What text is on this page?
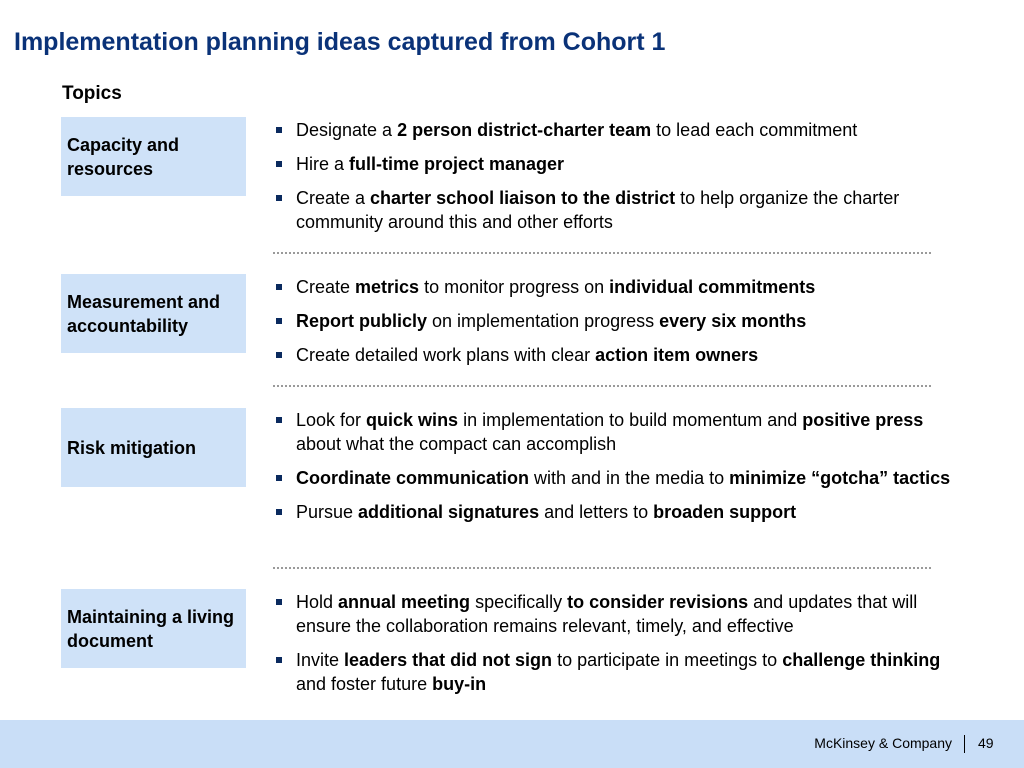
Implementation planning ideas captured from Cohort 1
Topics
Capacity and resources
Designate a 2 person district-charter team to lead each commitment
Hire a full-time project manager
Create a charter school liaison to the district to help organize the charter community around this and other efforts
Measurement and accountability
Create metrics to monitor progress on individual commitments
Report publicly on implementation progress every six months
Create detailed work plans with clear action item owners
Risk mitigation
Look for quick wins in implementation to build momentum and positive press about what the compact can accomplish
Coordinate communication with and in the media to minimize “gotcha” tactics
Pursue additional signatures and letters to broaden support
Maintaining a living document
Hold annual meeting specifically to consider revisions and updates that will ensure the collaboration remains relevant, timely, and effective
Invite leaders that did not sign to participate in meetings to challenge thinking and foster future buy-in
McKinsey & Company 49
